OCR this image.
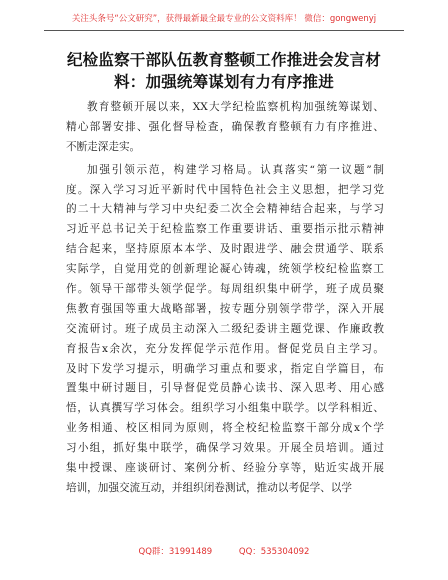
关注头条号“公文研究”，获得最新最全最专业的公文资料库！ 微信：gongwenyj
纪检监察干部队伍教育整顿工作推进会发言材
料：加强统筹谋划有力有序推进

教育整顿开展以来，XX大学纪检监察机构加强统筹谋划、
精心部署安排、强化督导检查，确保教育整顿有力有序推进、
不断走深走实。

加强引领示范，构建学习格局。认真落实“第一议题”制
度。深入学习习近平新时代中国特色社会主义思想，把学习党
的二十大精神与学习中央纪委二次全会精神结合起来，与学习
习近平总书记关于纪检监察工作重要讲话、重要指示批示精神
结合起来，坚持原原本本学、及时跟进学、融会贯通学、联系
实际学，自觉用党的创新理论凝心铸魂，统领学校纪检监察工
作。领导干部带头领学促学。每周组织集中研学，班子成员聚
焦教育强国等重大战略部署，按专题分别领学带学，深入开展
交流研讨。班子成员主动深入二级纪委讲主题党课、作廉政教
育报告x余次，充分发挥促学示范作用。督促党员自主学习。
及时下发学习提示，明确学习重点和要求，指定自学篇目，布
置集中研讨题目，引导督促党员静心读书、深入思考、用心感
悟，认真撰写学习体会。组织学习小组集中联学。以学科相近、
业务相通、校区相同为原则，将全校纪检监察干部分成x个学
习小组，抓好集中联学，确保学习效果。开展全员培训。通过
集中授课、座谈研讨、案例分析、经验分享等，贴近实战开展
培训，加强交流互动，并组织闭卷测试，推动以考促学、以学

QQ群：31991489	QQ：535304092
